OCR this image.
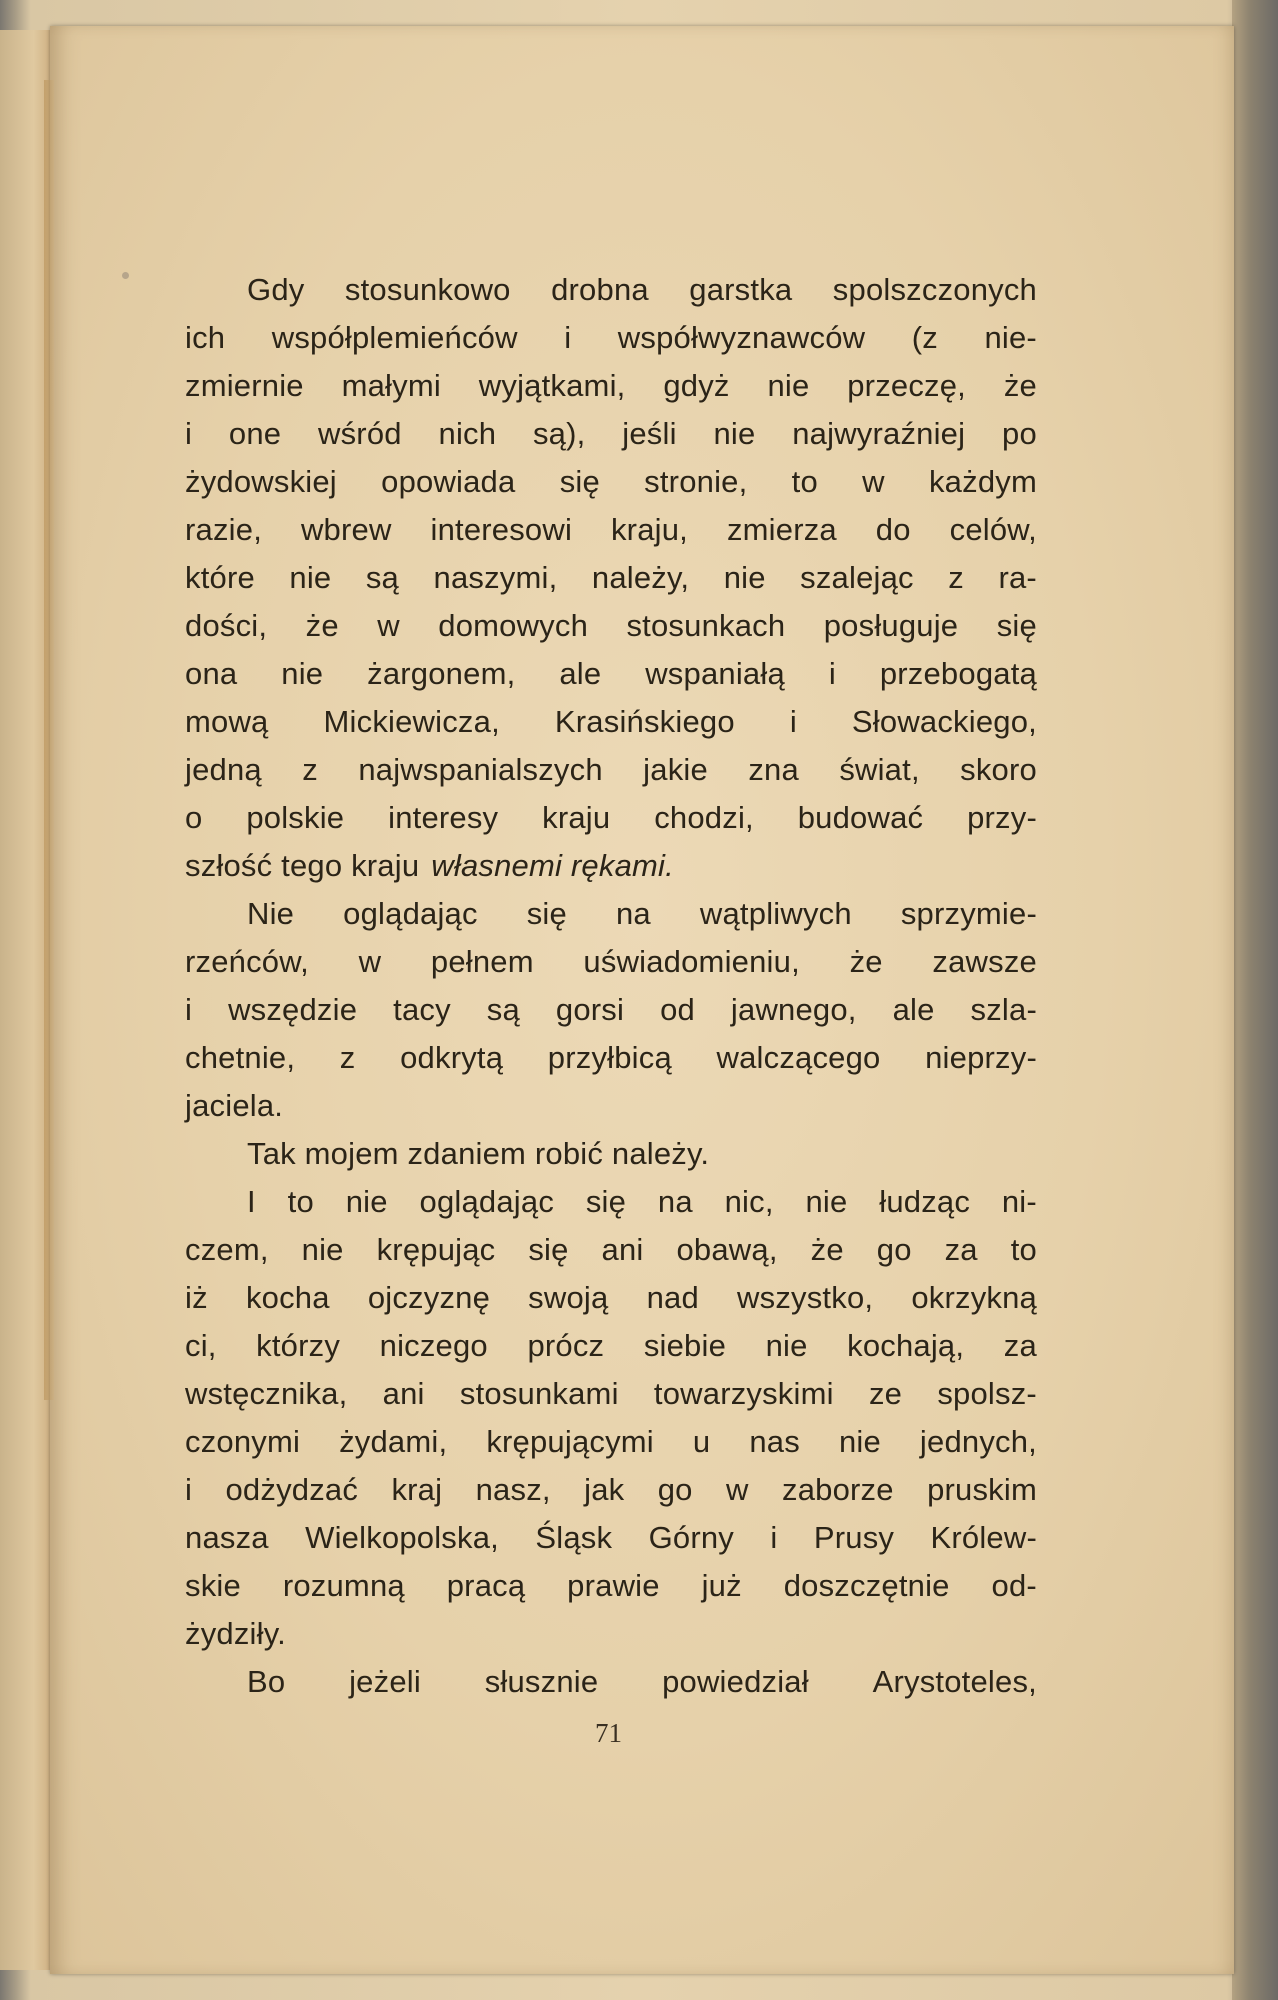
Gdy stosunkowo drobna garstka spolszczonych
ich współplemieńców i współwyznawców (z nie-
zmiernie małymi wyjątkami, gdyż nie przeczę, że
i one wśród nich są), jeśli nie najwyraźniej po
żydowskiej opowiada się stronie, to w każdym
razie, wbrew interesowi kraju, zmierza do celów,
które nie są naszymi, należy, nie szalejąc z ra-
dości, że w domowych stosunkach posługuje się
ona nie żargonem, ale wspaniałą i przebogatą
mową Mickiewicza, Krasińskiego i Słowackiego,
jedną z najwspanialszych jakie zna świat, skoro
o polskie interesy kraju chodzi, budować przy-
szłość tego kraju własnemi rękami.
Nie oglądając się na wątpliwych sprzymie-
rzeńców, w pełnem uświadomieniu, że zawsze
i wszędzie tacy są gorsi od jawnego, ale szla-
chetnie, z odkrytą przyłbicą walczącego nieprzy-
jaciela.
Tak mojem zdaniem robić należy.
I to nie oglądając się na nic, nie łudząc ni-
czem, nie krępując się ani obawą, że go za to
iż kocha ojczyznę swoją nad wszystko, okrzykną
ci, którzy niczego prócz siebie nie kochają, za
wstęcznika, ani stosunkami towarzyskimi ze spolsz-
czonymi żydami, krępującymi u nas nie jednych,
i odżydzać kraj nasz, jak go w zaborze pruskim
nasza Wielkopolska, Śląsk Górny i Prusy Królew-
skie rozumną pracą prawie już doszczętnie od-
żydziły.
Bo jeżeli słusznie powiedział Arystoteles,
71
